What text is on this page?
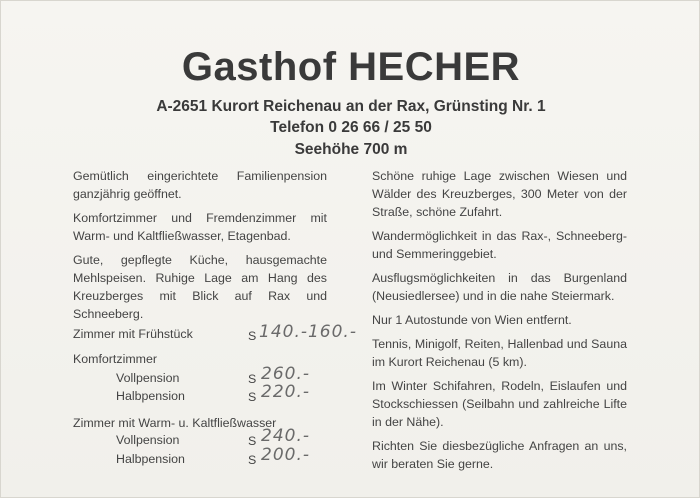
Gasthof HECHER
A-2651 Kurort Reichenau an der Rax, Grünsting Nr. 1
Telefon 0 26 66 / 25 50
Seehöhe 700 m

Gemütlich eingerichtete Familienpension ganzjährig geöffnet.

Komfortzimmer und Fremdenzimmer mit Warm- und Kaltfließwasser, Etagenbad.

Gute, gepflegte Küche, hausgemachte Mehlspeisen. Ruhige Lage am Hang des Kreuzberges mit Blick auf Rax und Schneeberg.

Zimmer mit Frühstück	S 140.-160.-
Komfortzimmer
Vollpension	S 260.-
Halbpension	S 220.-
Zimmer mit Warm- u. Kaltfließwasser
Vollpension	S 240.-
Halbpension	S 200.-

Schöne ruhige Lage zwischen Wiesen und Wälder des Kreuzberges, 300 Meter von der Straße, schöne Zufahrt.

Wandermöglichkeit in das Rax-, Schneeberg- und Semmeringgebiet.

Ausflugsmöglichkeiten in das Burgenland (Neusiedlersee) und in die nahe Steiermark.

Nur 1 Autostunde von Wien entfernt.

Tennis, Minigolf, Reiten, Hallenbad und Sauna im Kurort Reichenau (5 km).

Im Winter Schifahren, Rodeln, Eislaufen und Stockschiessen (Seilbahn und zahlreiche Lifte in der Nähe).

Richten Sie diesbezügliche Anfragen an uns, wir beraten Sie gerne.
